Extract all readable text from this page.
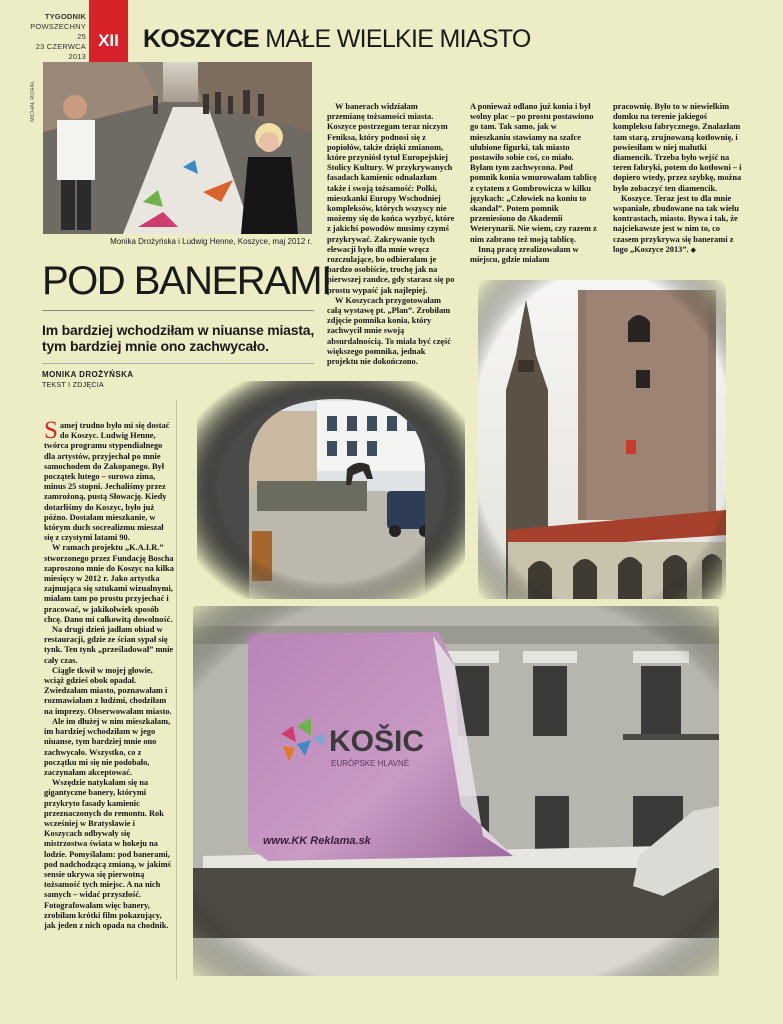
TYGODNIK
POWSZECHNY 25
23 CZERWCA 2013
XII KOSZYCE MAŁE WIELKIE MIASTO
MICHAŁ ROHAL
Monika Drożyńska i Ludwig Henne, Koszyce, maj 2012 r.
POD BANERAMI
Im bardziej wchodziłam w niuanse miasta, tym bardziej mnie ono zachwycało.
MONIKA DROŻYŃSKA
TEKST I ZDJĘCIA

Samej trudno było mi się dostać do Koszyc. Ludwig Henne, twórca programu stypendialnego dla artystów, przyjechał po mnie samochodem do Zakopanego. Był początek lutego – surowa zima, minus 25 stopni. Jechaliśmy przez zamrożoną, pustą Słowację. Kiedy dotarliśmy do Koszyc, było już późno. Dostałam mieszkanie, w którym duch socrealizmu mieszał się z czystymi latami 90.

W ramach projektu „K.A.I.R.” stworzonego przez Fundację Boscha zaproszono mnie do Koszyc na kilka miesięcy w 2012 r. Jako artystka zajmująca się sztukami wizualnymi, miałam tam po prostu przyjechać i pracować, w jakikolwiek sposób chcę. Dano mi całkowitą dowolność.

Na drugi dzień jadłam obiad w restauracji, gdzie ze ścian sypał się tynk. Ten tynk „prześladował” mnie cały czas.

Ciągle tkwił w mojej głowie, wciąż gdzieś obok opadał. Zwiedzałam miasto, poznawałam i rozmawiałam z ludźmi, chodziłam na imprezy. Obserwowałam miasto.

Ale im dłużej w nim mieszkałam, im bardziej wchodziłam w jego niuanse, tym bardziej mnie ono zachwycało. Wszystko, co z początku mi się nie podobało, zaczynałam akceptować.

Wszędzie natykałam się na gigantyczne banery, którymi przykryto fasady kamienic przeznaczonych do remontu. Rok wcześniej w Bratysławie i Koszycach odbywały się mistrzostwa świata w hokeju na lodzie. Pomyślałam: pod banerami, pod nadchodzącą zmianą, w jakimś sensie ukrywa się pierwotną tożsamość tych miejsc. A na nich samych – widać przyszłość. Fotografowałam więc banery, zrobiłam krótki film pokazujący, jak jeden z nich opada na chodnik.

W banerach widziałam przemianę tożsamości miasta. Koszyce postrzegam teraz niczym Feniksa, który podnosi się z popiołów, także dzięki zmianom, które przyniósł tytuł Europejskiej Stolicy Kultury. W przykrywanych fasadach kamienic odnalazłam także i swoją tożsamość: Polki, mieszkanki Europy Wschodniej kompleksów, których wszyscy nie możemy się do końca wyzbyć, które z jakichś powodów musimy czymś przykrywać. Zakrywanie tych elewacji było dla mnie wręcz rozczulające, bo odbierałam je bardzo osobiście, trochę jak na pierwszej randce, gdy starasz się po prostu wypaść jak najlepiej.

W Koszycach przygotowałam całą wystawę pt. „Plan”. Zrobiłam zdjęcie pomnika konia, który zachwycił mnie swoją absurdalnością. To miała być część większego pomnika, jednak projektu nie dokończono.

A ponieważ odlano już konia i był wolny plac – po prostu postawiono go tam. Tak samo, jak w mieszkaniu stawiamy na szafce ulubione figurki, tak miasto postawiło sobie coś, co miało. Byłam tym zachwycona. Pod pomnik konia wmurowałam tablicę z cytatem z Gombrowicza w kilku językach: „Człowiek na koniu to skandal”. Potem pomnik przeniesiono do Akademii Weterynarii. Nie wiem, czy razem z nim zabrano też moją tablicę.

Inną pracę zrealizowałam w miejscu, gdzie miałam

pracownię. Było to w niewielkim domku na terenie jakiegoś kompleksu fabrycznego. Znalazłam tam starą, zrujnowaną kotłownię, i powiesiłam w niej malutki diamencik. Trzeba było wejść na teren fabryki, potem do kotłowni – i dopiero wtedy, przez szybkę, można było zobaczyć ten diamencik.

Koszyce. Teraz jest to dla mnie wspaniałe, zbudowane na tak wielu kontrastach, miasto. Bywa i tak, że najciekawsze jest w nim to, co czasem przykrywa się banerami z logo „Koszyce 2013”. ◆
